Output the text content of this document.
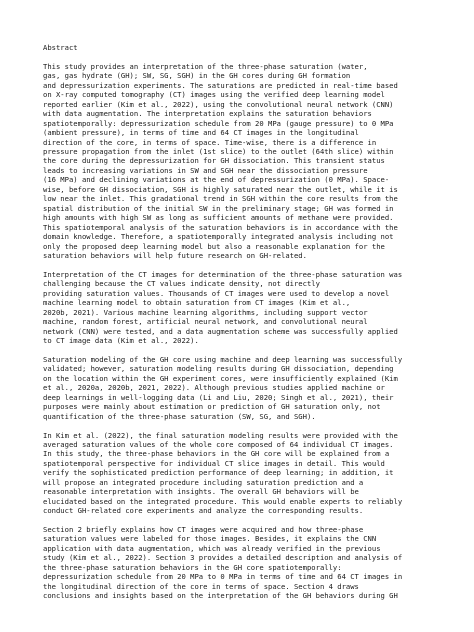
Abstract
This study provides an interpretation of the three-phase saturation (water,
gas, gas hydrate (GH); SW, SG, SGH) in the GH cores during GH formation
and depressurization experiments. The saturations are predicted in real-time based
on X-ray computed tomography (CT) images using the verified deep learning model
reported earlier (Kim et al., 2022), using the convolutional neural network (CNN)
with data augmentation. The interpretation explains the saturation behaviors
spatiotemporally: depressurization schedule from 20 MPa (gauge pressure) to 0 MPa
(ambient pressure), in terms of time and 64 CT images in the longitudinal
direction of the core, in terms of space. Time-wise, there is a difference in
pressure propagation from the inlet (1st slice) to the outlet (64th slice) within
the core during the depressurization for GH dissociation. This transient status
leads to increasing variations in SW and SGH near the dissociation pressure
(16 MPa) and declining variations at the end of depressurization (0 MPa). Space-
wise, before GH dissociation, SGH is highly saturated near the outlet, while it is
low near the inlet. This gradational trend in SGH within the core results from the
spatial distribution of the initial SW in the preliminary stage; GH was formed in
high amounts with high SW as long as sufficient amounts of methane were provided.
This spatiotemporal analysis of the saturation behaviors is in accordance with the
domain knowledge. Therefore, a spatiotemporally integrated analysis including not
only the proposed deep learning model but also a reasonable explanation for the
saturation behaviors will help future research on GH-related.
Interpretation of the CT images for determination of the three-phase saturation was
challenging because the CT values indicate density, not directly
providing saturation values. Thousands of CT images were used to develop a novel
machine learning model to obtain saturation from CT images (Kim et al.,
2020b, 2021). Various machine learning algorithms, including support vector
machine, random forest, artificial neural network, and convolutional neural
network (CNN) were tested, and a data augmentation scheme was successfully applied
to CT image data (Kim et al., 2022).
Saturation modeling of the GH core using machine and deep learning was successfully
validated; however, saturation modeling results during GH dissociation, depending
on the location within the GH experiment cores, were insufficiently explained (Kim
et al., 2020a, 2020b, 2021, 2022). Although previous studies applied machine or
deep learnings in well-logging data (Li and Liu, 2020; Singh et al., 2021), their
purposes were mainly about estimation or prediction of GH saturation only, not
quantification of the three-phase saturation (SW, SG, and SGH).
In Kim et al. (2022), the final saturation modeling results were provided with the
averaged saturation values of the whole core composed of 64 individual CT images.
In this study, the three-phase behaviors in the GH core will be explained from a
spatiotemporal perspective for individual CT slice images in detail. This would
verify the sophisticated prediction performance of deep learning; in addition, it
will propose an integrated procedure including saturation prediction and a
reasonable interpretation with insights. The overall GH behaviors will be
elucidated based on the integrated procedure. This would enable experts to reliably
conduct GH-related core experiments and analyze the corresponding results.
Section 2 briefly explains how CT images were acquired and how three-phase
saturation values were labeled for those images. Besides, it explains the CNN
application with data augmentation, which was already verified in the previous
study (Kim et al., 2022). Section 3 provides a detailed description and analysis of
the three-phase saturation behaviors in the GH core spatiotemporally:
depressurization schedule from 20 MPa to 0 MPa in terms of time and 64 CT images in
the longitudinal direction of the core in terms of space. Section 4 draws
conclusions and insights based on the interpretation of the GH behaviors during GH
